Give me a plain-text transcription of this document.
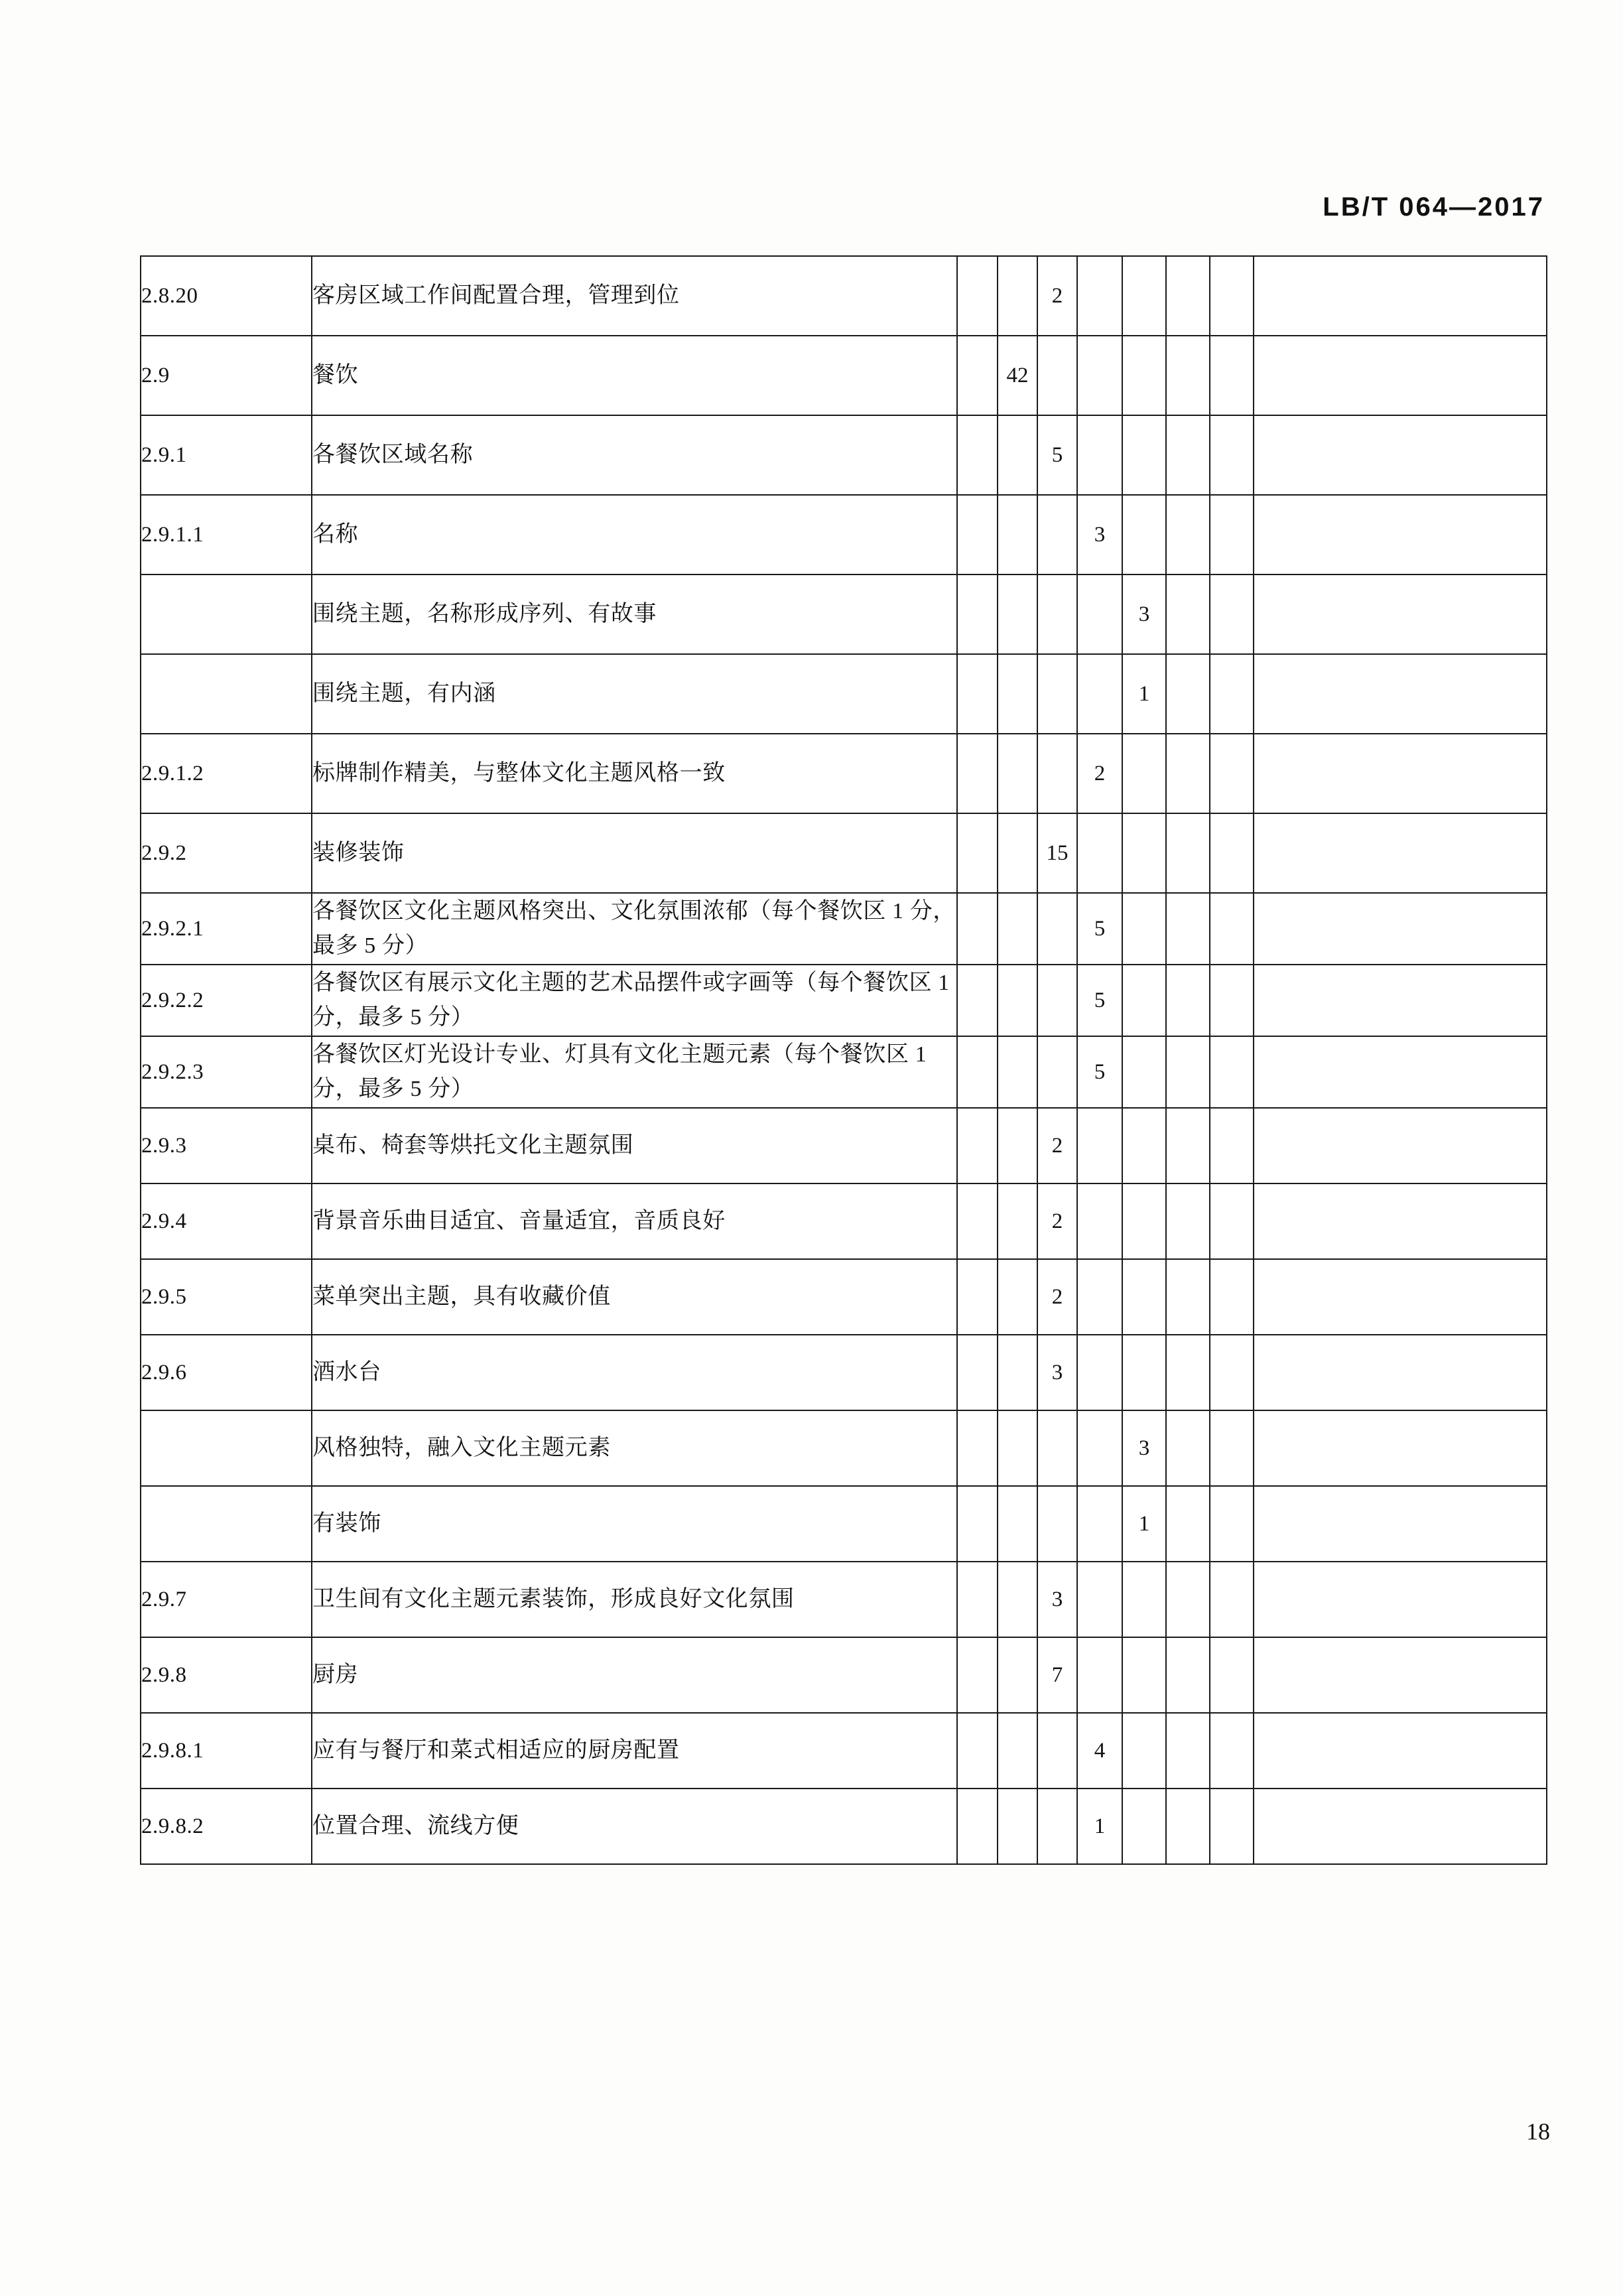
LB/T 064—2017
2.8.20	客房区域工作间配置合理，管理到位			2					
2.9	餐饮		42						
2.9.1	各餐饮区域名称			5					
2.9.1.1	名称				3				
	围绕主题，名称形成序列、有故事					3			
	围绕主题，有内涵					1			
2.9.1.2	标牌制作精美，与整体文化主题风格一致				2				
2.9.2	装修装饰			15					
2.9.2.1	各餐饮区文化主题风格突出、文化氛围浓郁（每个餐饮区 1 分，最多 5 分）				5				
2.9.2.2	各餐饮区有展示文化主题的艺术品摆件或字画等（每个餐饮区 1 分，最多 5 分）				5				
2.9.2.3	各餐饮区灯光设计专业、灯具有文化主题元素（每个餐饮区 1 分，最多 5 分）				5				
2.9.3	桌布、椅套等烘托文化主题氛围			2					
2.9.4	背景音乐曲目适宜、音量适宜，音质良好			2					
2.9.5	菜单突出主题，具有收藏价值			2					
2.9.6	酒水台			3					
	风格独特，融入文化主题元素					3			
	有装饰					1			
2.9.7	卫生间有文化主题元素装饰，形成良好文化氛围			3					
2.9.8	厨房			7					
2.9.8.1	应有与餐厅和菜式相适应的厨房配置				4				
2.9.8.2	位置合理、流线方便				1				
18
